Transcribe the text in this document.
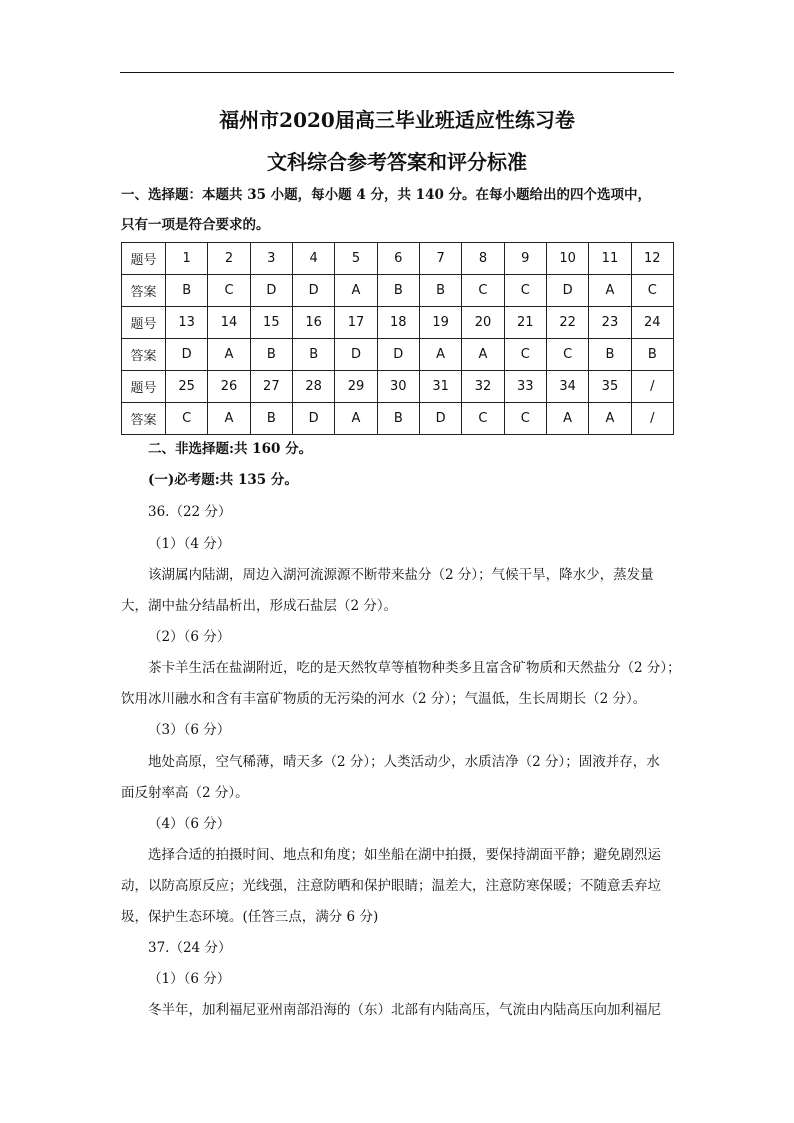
福州市2020届高三毕业班适应性练习卷
文科综合参考答案和评分标准
一、选择题：本题共 35 小题，每小题 4 分，共 140 分。在每小题给出的四个选项中，
只有一项是符合要求的。
题号	1	2	3	4	5	6	7	8	9	10	11	12
答案	B	C	D	D	A	B	B	C	C	D	A	C
题号	13	14	15	16	17	18	19	20	21	22	23	24
答案	D	A	B	B	D	D	A	A	C	C	B	B
题号	25	26	27	28	29	30	31	32	33	34	35	/
答案	C	A	B	D	A	B	D	C	C	A	A	/
二、非选择题:共 160 分。
(一)必考题:共 135 分。
36.（22 分）
（1）（4 分）
该湖属内陆湖，周边入湖河流源源不断带来盐分（2 分）；气候干旱，降水少，蒸发量
大，湖中盐分结晶析出，形成石盐层（2 分）。
（2）（6 分）
茶卡羊生活在盐湖附近，吃的是天然牧草等植物种类多且富含矿物质和天然盐分（2 分）；
饮用冰川融水和含有丰富矿物质的无污染的河水（2 分）；气温低，生长周期长（2 分）。
（3）（6 分）
地处高原，空气稀薄，晴天多（2 分）；人类活动少，水质洁净（2 分）；固液并存，水
面反射率高（2 分）。
（4）（6 分）
选择合适的拍摄时间、地点和角度；如坐船在湖中拍摄，要保持湖面平静；避免剧烈运
动，以防高原反应；光线强，注意防晒和保护眼睛；温差大，注意防寒保暖；不随意丢弃垃
圾，保护生态环境。(任答三点，满分 6 分)
37.（24 分）
（1）（6 分）
冬半年，加利福尼亚州南部沿海的（东）北部有内陆高压，气流由内陆高压向加利福尼
